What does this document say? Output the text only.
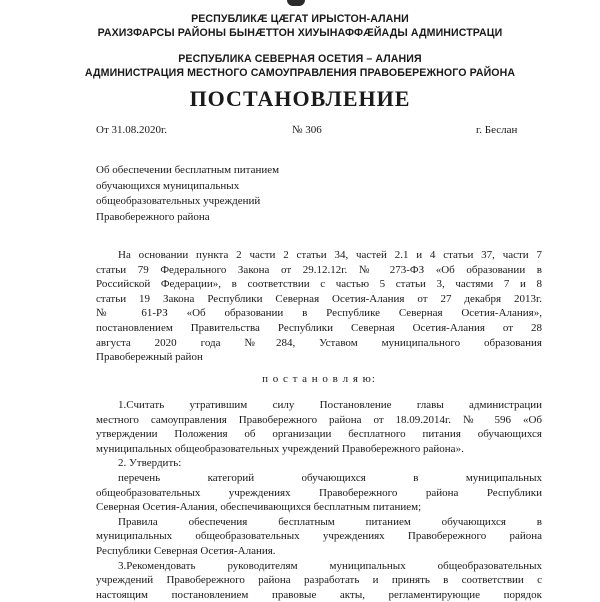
РЕСПУБЛИКÆ ЦÆГАТ ИРЫСТОН-АЛАНИ
РАХИЗФАРСЫ РАЙОНЫ БЫНÆТТОН ХИУЫНАФФÆЙАДЫ АДМИНИСТРАЦИ
РЕСПУБЛИКА СЕВЕРНАЯ ОСЕТИЯ – АЛАНИЯ
АДМИНИСТРАЦИЯ МЕСТНОГО САМОУПРАВЛЕНИЯ ПРАВОБЕРЕЖНОГО РАЙОНА
ПОСТАНОВЛЕНИЕ
От 31.08.2020г.	№ 306	г. Беслан
Об обеспечении бесплатным питанием
обучающихся муниципальных
общеобразовательных учреждений
Правобережного района
На основании пункта 2 части 2 статьи 34, частей 2.1 и 4 статьи 37, части 7
статьи 79 Федерального Закона от 29.12.12г. № 273-ФЗ «Об образовании в
Российской Федерации», в соответствии с частью 5 статьи 3, частями 7 и 8
статьи 19 Закона Республики Северная Осетия-Алания от 27 декабря 2013г.
№ 61-РЗ «Об образовании в Республике Северная Осетия-Алания»,
постановлением Правительства Республики Северная Осетия-Алания от 28
августа 2020 года №284, Уставом муниципального образования
Правобережный район
п о с т а н о в л я ю:
1.Считать утратившим силу Постановление главы администрации
местного самоуправления Правобережного района от 18.09.2014г. № 596 «Об
утверждении Положения об организации бесплатного питания обучающихся
муниципальных общеобразовательных учреждений Правобережного района».
2. Утвердить:
перечень категорий обучающихся в муниципальных
общеобразовательных учреждениях Правобережного района Республики
Северная Осетия-Алания, обеспечивающихся бесплатным питанием;
Правила обеспечения бесплатным питанием обучающихся в
муниципальных общеобразовательных учреждениях Правобережного района
Республики Северная Осетия-Алания.
3.Рекомендовать руководителям муниципальных общеобразовательных
учреждений Правобережного района разработать и принять в соответствии с
настоящим постановлением правовые акты, регламентирующие порядок
